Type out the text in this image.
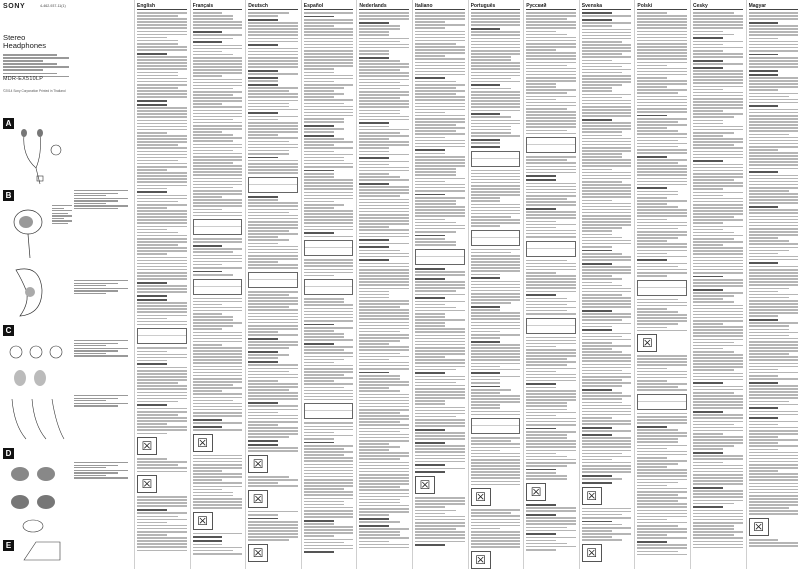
SONY	4-462-937-11(1)
Stereo
Headphones
MDR-EX510LP
©2014 Sony Corporation Printed in Thailand
A
B
C
D
E
English
☒
☒
Français
☒
☒
Deutsch
☒
☒
☒
Español	Nederlands	Italiano
☒
Português
☒
☒
Русский
☒
Svenska
☒
☒
Polski
☒
Česky	Magyar
☒
